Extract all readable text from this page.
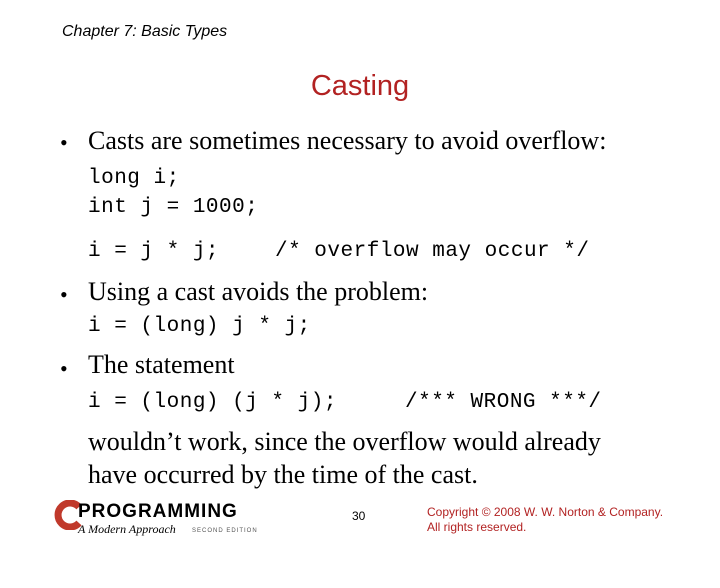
Chapter 7: Basic Types
Casting
• Casts are sometimes necessary to avoid overflow:
long i;
int j = 1000;
i = j * j;	/* overflow may occur */
• Using a cast avoids the problem:
i = (long) j * j;
• The statement
i = (long) (j * j);	/*** WRONG ***/
wouldn’t work, since the overflow would already
have occurred by the time of the cast.

PROGRAMMING

A Modern Approach

	SECOND EDITION

30	Copyright © 2008 W. W. Norton & Company.
All rights reserved.
